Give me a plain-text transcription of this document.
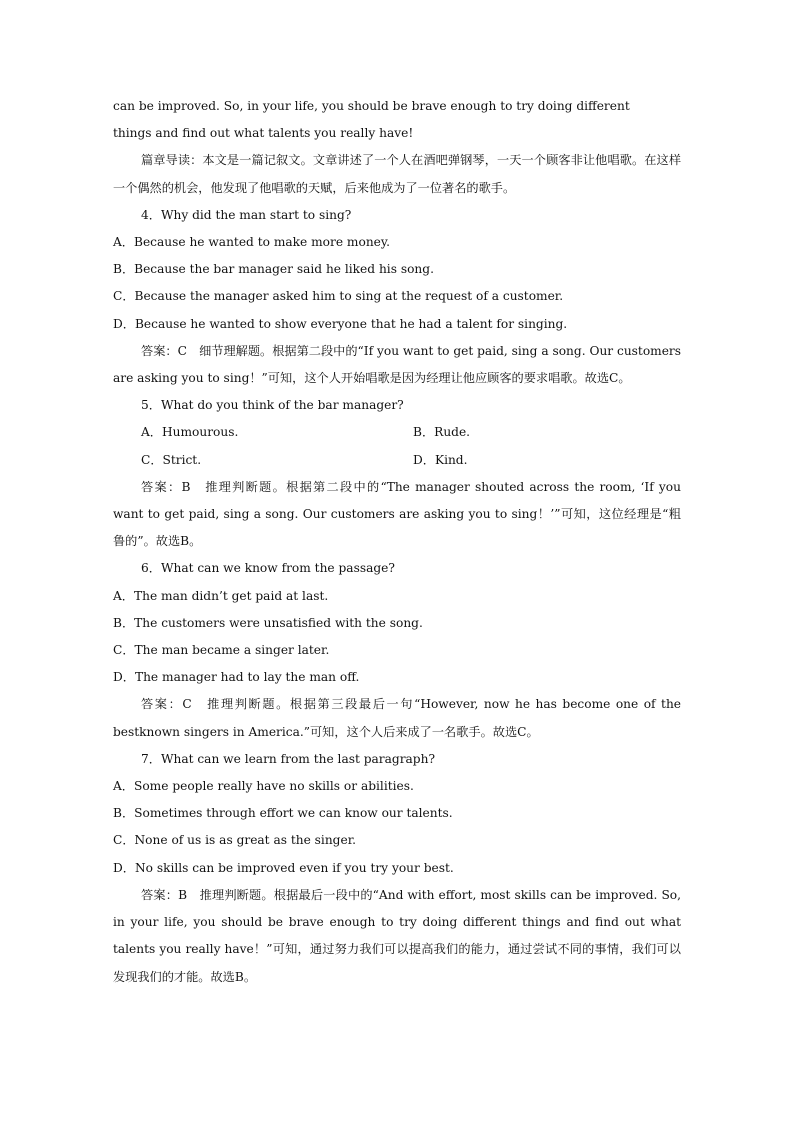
can be improved. So, in your life, you should be brave enough to try doing different

things and find out what talents you really have!

篇章导读：本文是一篇记叙文。文章讲述了一个人在酒吧弹钢琴，一天一个顾客非让他唱歌。在这样一个偶然的机会，他发现了他唱歌的天赋，后来他成为了一位著名的歌手。

4．Why did the man start to sing?

A．Because he wanted to make more money.

B．Because the bar manager said he liked his song.

C．Because the manager asked him to sing at the request of a customer.

D．Because he wanted to show everyone that he had a talent for singing.

答案：C　细节理解题。根据第二段中的“If you want to get paid, sing a song. Our customers are asking you to sing！”可知，这个人开始唱歌是因为经理让他应顾客的要求唱歌。故选C。

5．What do you think of the bar manager?

A．Humourous.	B．Rude.
C．Strict.	D．Kind.

答案：B　推理判断题。根据第二段中的“The manager shouted across the room, ‘If you want to get paid, sing a song. Our customers are asking you to sing！’”可知，这位经理是“粗鲁的”。故选B。

6．What can we know from the passage?

A．The man didn’t get paid at last.

B．The customers were unsatisfied with the song.

C．The man became a singer later.

D．The manager had to lay the man off.

答案：C　推理判断题。根据第三段最后一句“However, now he has become one of the bestknown singers in America.”可知，这个人后来成了一名歌手。故选C。

7．What can we learn from the last paragraph?

A．Some people really have no skills or abilities.

B．Sometimes through effort we can know our talents.

C．None of us is as great as the singer.

D．No skills can be improved even if you try your best.

答案：B　推理判断题。根据最后一段中的“And with effort, most skills can be improved. So, in your life, you should be brave enough to try doing different things and find out what talents you really have！”可知，通过努力我们可以提高我们的能力，通过尝试不同的事情，我们可以发现我们的才能。故选B。
